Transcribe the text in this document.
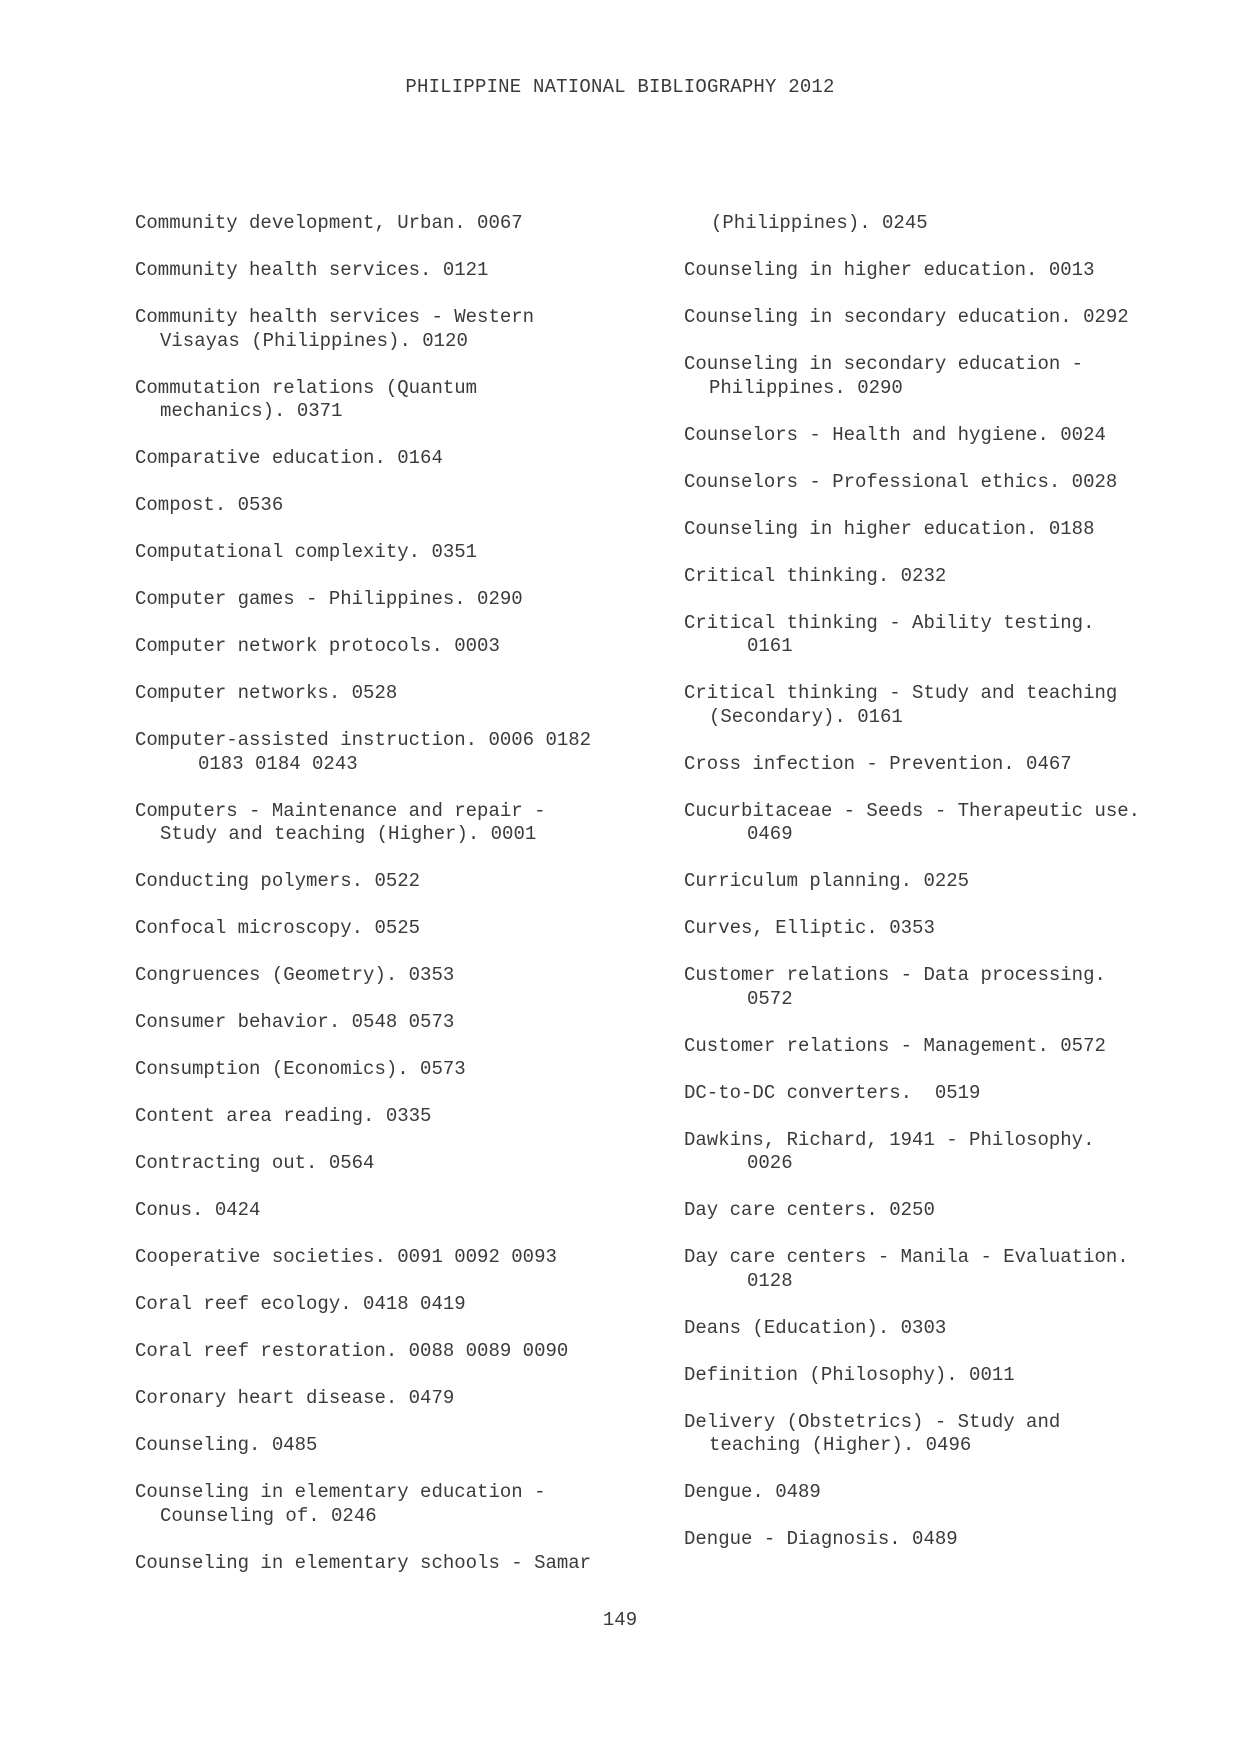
PHILIPPINE NATIONAL BIBLIOGRAPHY 2012
Community development, Urban. 0067
Community health services. 0121
Community health services - Western
Visayas (Philippines). 0120
Commutation relations (Quantum
mechanics). 0371
Comparative education. 0164
Compost. 0536
Computational complexity. 0351
Computer games - Philippines. 0290
Computer network protocols. 0003
Computer networks. 0528
Computer-assisted instruction. 0006 0182
0183 0184 0243
Computers - Maintenance and repair -
Study and teaching (Higher). 0001
Conducting polymers. 0522
Confocal microscopy. 0525
Congruences (Geometry). 0353
Consumer behavior. 0548 0573
Consumption (Economics). 0573
Content area reading. 0335
Contracting out. 0564
Conus. 0424
Cooperative societies. 0091 0092 0093
Coral reef ecology. 0418 0419
Coral reef restoration. 0088 0089 0090
Coronary heart disease. 0479
Counseling. 0485
Counseling in elementary education -
Counseling of. 0246
Counseling in elementary schools - Samar
(Philippines). 0245
Counseling in higher education. 0013
Counseling in secondary education. 0292
Counseling in secondary education -
Philippines. 0290
Counselors - Health and hygiene. 0024
Counselors - Professional ethics. 0028
Counseling in higher education. 0188
Critical thinking. 0232
Critical thinking - Ability testing.
0161
Critical thinking - Study and teaching
(Secondary). 0161
Cross infection - Prevention. 0467
Cucurbitaceae - Seeds - Therapeutic use.
0469
Curriculum planning. 0225
Curves, Elliptic. 0353
Customer relations - Data processing.
0572
Customer relations - Management. 0572
DC-to-DC converters.  0519
Dawkins, Richard, 1941 - Philosophy.
0026
Day care centers. 0250
Day care centers - Manila - Evaluation.
0128
Deans (Education). 0303
Definition (Philosophy). 0011
Delivery (Obstetrics) - Study and
teaching (Higher). 0496
Dengue. 0489
Dengue - Diagnosis. 0489
149
